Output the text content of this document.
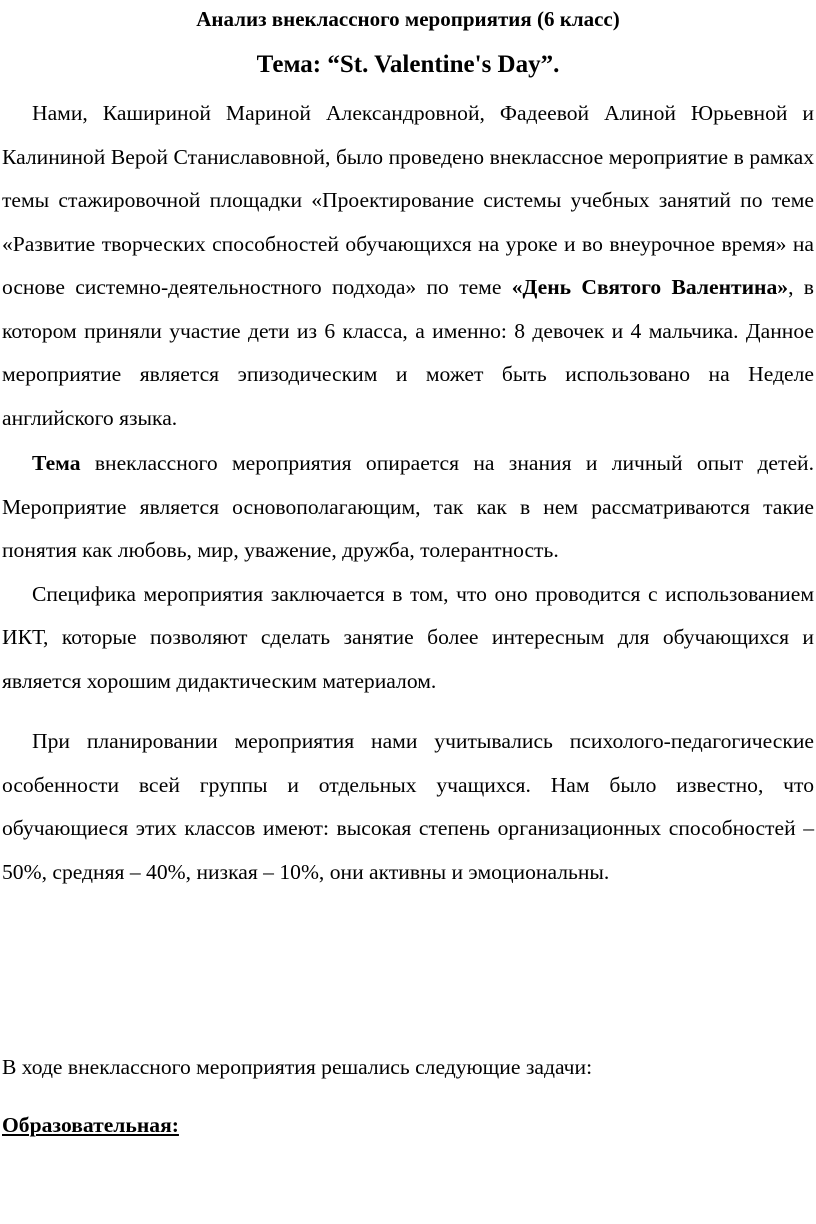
Анализ внеклассного мероприятия (6 класс)

Тема: “St. Valentine's Day”.

Нами, Кашириной Мариной Александровной, Фадеевой Алиной Юрьевной и Калининой Верой Станиславовной, было проведено внеклассное мероприятие в рамках темы стажировочной площадки «Проектирование системы учебных занятий по теме «Развитие творческих способностей обучающихся на уроке и во внеурочное время» на основе системно-деятельностного подхода» по теме «День Святого Валентина», в котором приняли участие дети из 6 класса, а именно: 8 девочек и 4 мальчика. Данное мероприятие является эпизодическим и может быть использовано на Неделе английского языка.

Тема внеклассного мероприятия опирается на знания и личный опыт детей. Мероприятие является основополагающим, так как в нем рассматриваются такие понятия как любовь, мир, уважение, дружба, толерантность.

Специфика мероприятия заключается в том, что оно проводится с использованием ИКТ, которые позволяют сделать занятие более интересным для обучающихся и является хорошим дидактическим материалом.

При планировании мероприятия нами учитывались психолого-педагогические особенности всей группы и отдельных учащихся. Нам было известно, что обучающиеся этих классов имеют: высокая степень организационных способностей – 50%, средняя – 40%, низкая – 10%, они активны и эмоциональны.

В ходе внеклассного мероприятия решались следующие задачи:

Образовательная:
